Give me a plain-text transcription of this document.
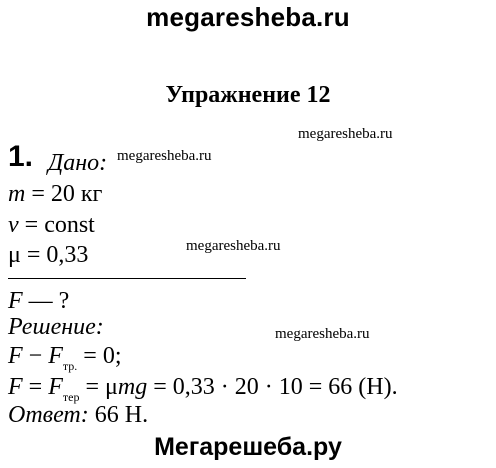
megaresheba.ru
Упражнение 12
megaresheba.ru
1. Дано: megaresheba.ru
m = 20 кг
v = const
μ = 0,33	megaresheba.ru
F — ?
Решение:	megaresheba.ru
$F - F_{тр.} = 0$;
$F = F_{тер} = \mu mg = 0,33 \cdot 20 \cdot 10 = 66$ (Н).
Ответ: 66 Н.
Мегарешеба.ру
